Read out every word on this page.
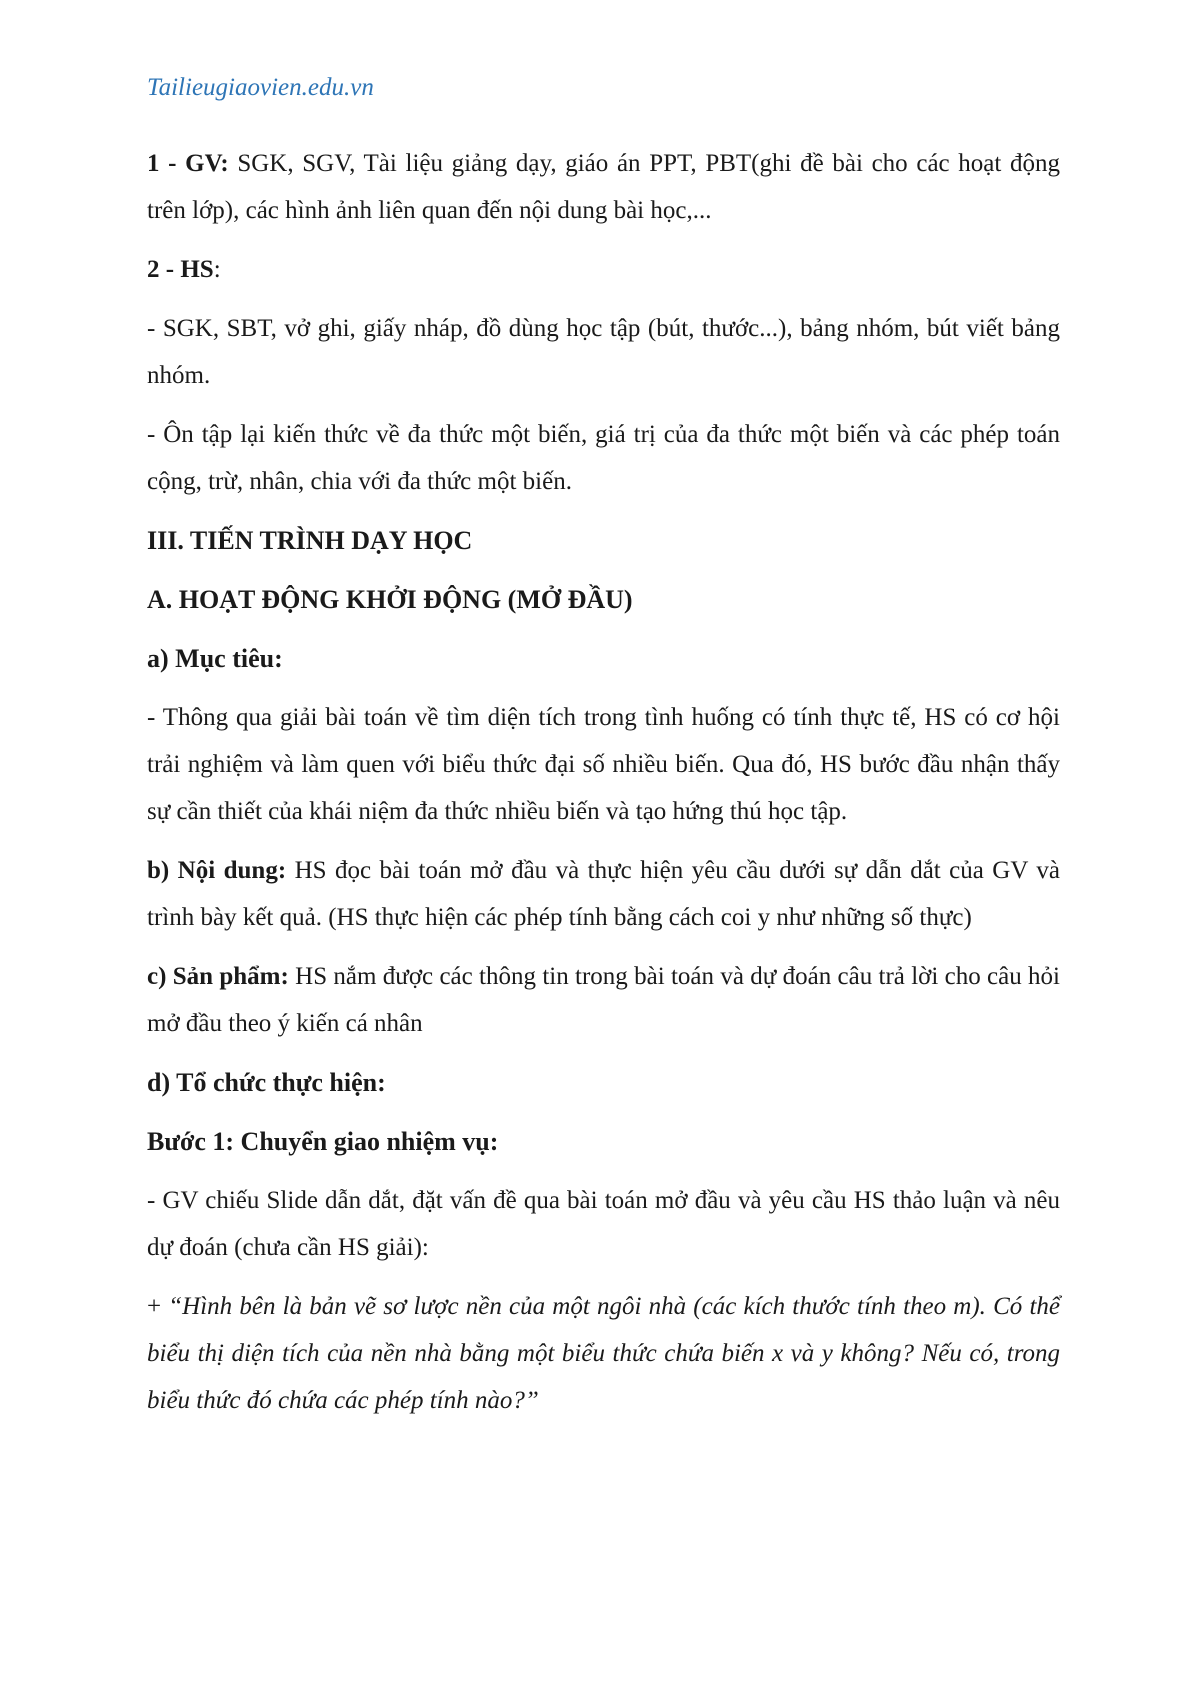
Tailieugiaovien.edu.vn

1 - GV: SGK, SGV, Tài liệu giảng dạy, giáo án PPT, PBT(ghi đề bài cho các hoạt động trên lớp), các hình ảnh liên quan đến nội dung bài học,...

2 - HS:

- SGK, SBT, vở ghi, giấy nháp, đồ dùng học tập (bút, thước...), bảng nhóm, bút viết bảng nhóm.

- Ôn tập lại kiến thức về đa thức một biến, giá trị của đa thức một biến và các phép toán cộng, trừ, nhân, chia với đa thức một biến.

III. TIẾN TRÌNH DẠY HỌC

A. HOẠT ĐỘNG KHỞI ĐỘNG (MỞ ĐẦU)

a) Mục tiêu:

- Thông qua giải bài toán về tìm diện tích trong tình huống có tính thực tế, HS có cơ hội trải nghiệm và làm quen với biểu thức đại số nhiều biến. Qua đó, HS bước đầu nhận thấy sự cần thiết của khái niệm đa thức nhiều biến và tạo hứng thú học tập.

b) Nội dung: HS đọc bài toán mở đầu và thực hiện yêu cầu dưới sự dẫn dắt của GV và trình bày kết quả. (HS thực hiện các phép tính bằng cách coi y như những số thực)

c) Sản phẩm: HS nắm được các thông tin trong bài toán và dự đoán câu trả lời cho câu hỏi mở đầu theo ý kiến cá nhân

d) Tổ chức thực hiện:

Bước 1: Chuyển giao nhiệm vụ:

- GV chiếu Slide dẫn dắt, đặt vấn đề qua bài toán mở đầu và yêu cầu HS thảo luận và nêu dự đoán (chưa cần HS giải):

+ “Hình bên là bản vẽ sơ lược nền của một ngôi nhà (các kích thước tính theo m). Có thể biểu thị diện tích của nền nhà bằng một biểu thức chứa biến x và y không? Nếu có, trong biểu thức đó chứa các phép tính nào?”
